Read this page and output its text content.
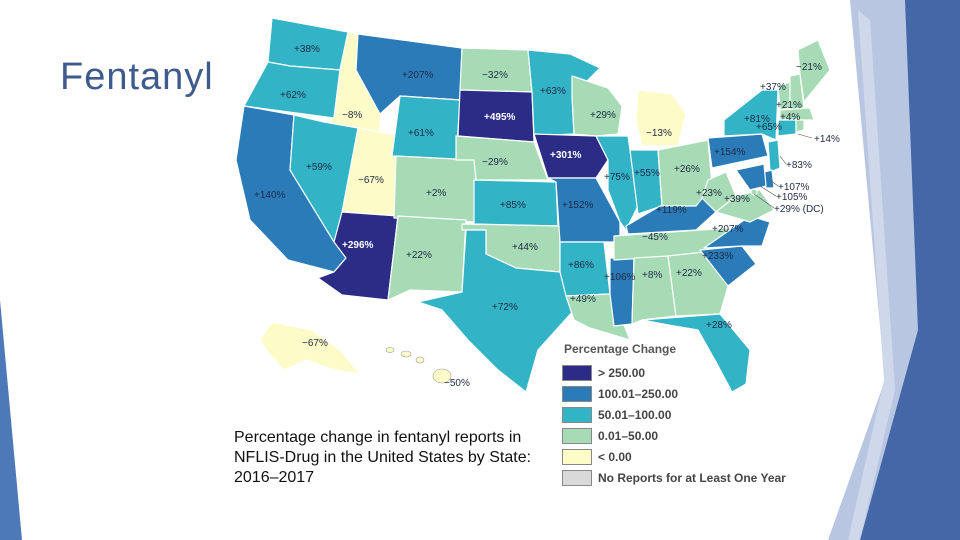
Fentanyl
+38%
+62%
+140%
−8%
+59%
−67%
+296%
+207%
+61%
+2%
+22%
−32%
+495%
−29%
+85%
+44%
+72%
+63%
+301%
+152%
+86%
+49%
+29%
+75%
+106%
−13%
+55%
+119%
−45%
+8%
+26%
+23%
+22%
+28%
+233%
+207%
+39%
+154%
+81%
+37%
+21%
−21%
+4%
+65%
+14%
+83%
+107%
+105%
+29% (DC)
−67%
−50%
Percentage Change
> 250.00
100.01–250.00
50.01–100.00
0.01–50.00
< 0.00
No Reports for at Least One Year
Percentage change in fentanyl reports in NFLIS-Drug in the United States by State: 2016–2017
